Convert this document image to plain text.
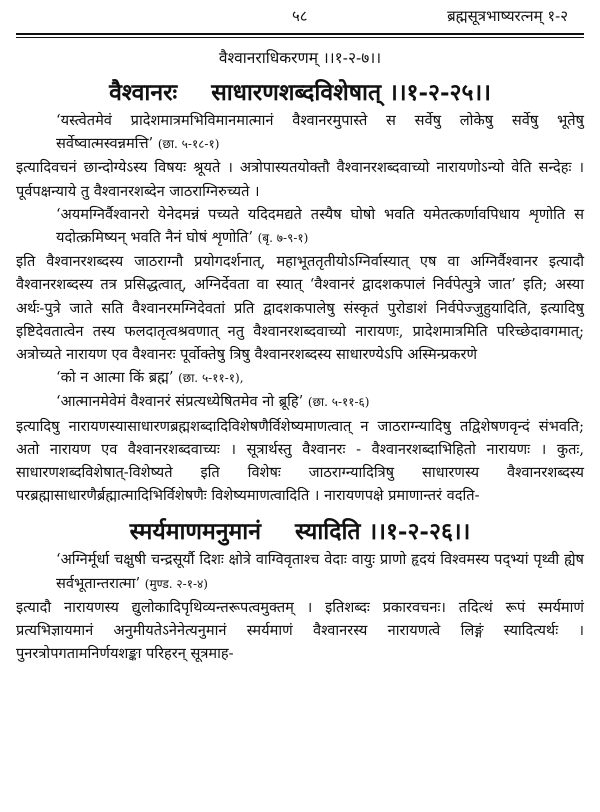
५८	ब्रह्मसूत्रभाष्यरत्नम् १-२
वैश्वानराधिकरणम् ।।१-२-७।।
वैश्वानरः साधारणशब्दविशेषात् ।।१-२-२५।।

‘यस्त्वेतमेवं प्रादेशमात्रमभिविमानमात्मानं वैश्वानरमुपास्ते स सर्वेषु लोकेषु सर्वेषु भूतेषु सर्वेष्वात्मस्वन्नमत्ति’ (छा. ५-१८-१)

इत्यादिवचनं छान्दोग्येऽस्य विषयः श्रूयते । अत्रोपास्यतयोक्तौ वैश्वानरशब्दवाच्यो नारायणोऽन्यो वेति सन्देहः । पूर्वपक्षन्याये तु वैश्वानरशब्देन जाठराग्निरुच्यते ।

‘अयमग्निर्वैश्वानरो येनेदमन्नं पच्यते यदिदमद्यते तस्यैष घोषो भवति यमेतत्कर्णावपिधाय शृणोति स यदोत्क्रमिष्यन् भवति नैनं घोषं शृणोति’ (बृ. ७-९-१)

इति वैश्वानरशब्दस्य जाठराग्नौ प्रयोगदर्शनात्, महाभूततृतीयोऽग्निर्वास्यात् एष वा अग्निर्वैश्वानर इत्यादौ वैश्वानरशब्दस्य तत्र प्रसिद्धत्वात्, अग्निर्देवता वा स्यात् ‘वैश्वानरं द्वादशकपालं निर्वपेत्पुत्रे जात’ इति; अस्या अर्थः-पुत्रे जाते सति वैश्वानरमग्निदेवतां प्रति द्वादशकपालेषु संस्कृतं पुरोडाशं निर्वपेज्जुहुयादिति, इत्यादिषु इष्टिदेवतात्वेन तस्य फलदातृत्वश्रवणात् नतु वैश्वानरशब्दवाच्यो नारायणः, प्रादेशमात्रमिति परिच्छेदावगमात्; अत्रोच्यते नारायण एव वैश्वानरः पूर्वोक्तेषु त्रिषु वैश्वानरशब्दस्य साधारण्येऽपि अस्मिन्प्रकरणे

‘को न आत्मा किं ब्रह्म’ (छा. ५-११-१),

‘आत्मानमेवेमं वैश्वानरं संप्रत्यध्येषितमेव नो ब्रूहि’ (छा. ५-११-६)

इत्यादिषु नारायणस्यासाधारणब्रह्मशब्दादिविशेषणैर्विशेष्यमाणत्वात् न जाठराग्न्यादिषु तद्विशेषणवृन्दं संभवति; अतो नारायण एव वैश्वानरशब्दवाच्यः । सूत्रार्थस्तु वैश्वानरः - वैश्वानरशब्दाभिहितो नारायणः । कुतः, साधारणशब्दविशेषात्-विशेष्यते इति विशेषः जाठराग्न्यादित्रिषु साधारणस्य वैश्वानरशब्दस्य परब्रह्मासाधारणैर्ब्रह्मात्मादिभिर्विशेषणैः विशेष्यमाणत्वादिति । नारायणपक्षे प्रमाणान्तरं वदति-

स्मर्यमाणमनुमानं स्यादिति ।।१-२-२६।।

‘अग्निर्मूर्धा चक्षुषी चन्द्रसूर्यौ दिशः क्षोत्रे वाग्विवृताश्च वेदाः वायुः प्राणो हृदयं विश्वमस्य पद्भ्यां पृथ्वी ह्येष सर्वभूतान्तरात्मा’ (मुण्ड. २-१-४)

इत्यादौ नारायणस्य द्युलोकादिपृथिव्यन्तरूपत्वमुक्तम् । इतिशब्दः प्रकारवचनः। तदित्थं रूपं स्मर्यमाणं प्रत्यभिज्ञायमानं अनुमीयतेऽनेनेत्यनुमानं स्मर्यमाणं वैश्वानरस्य नारायणत्वे लिङ्गं स्यादित्यर्थः । पुनरत्रोपगतामनिर्णयशङ्का परिहरन् सूत्रमाह-
